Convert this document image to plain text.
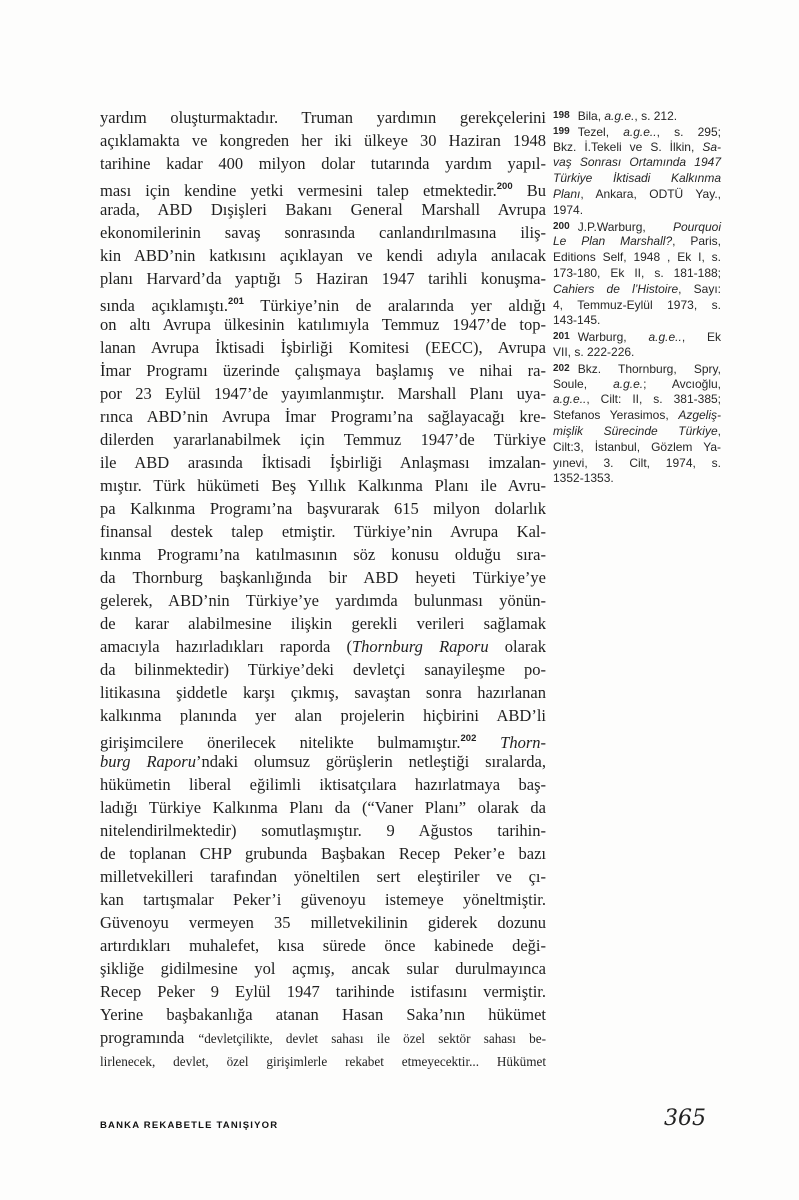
yardım oluşturmaktadır. Truman yardımın gerekçelerini
açıklamakta ve kongreden her iki ülkeye 30 Haziran 1948
tarihine kadar 400 milyon dolar tutarında yardım yapıl-
ması için kendine yetki vermesini talep etmektedir.$^{200}$ Bu
arada, ABD Dışişleri Bakanı General Marshall Avrupa
ekonomilerinin savaş sonrasında canlandırılmasına iliş-
kin ABD’nin katkısını açıklayan ve kendi adıyla anılacak
planı Harvard’da yaptığı 5 Haziran 1947 tarihli konuşma-
sında açıklamıştı.$^{201}$ Türkiye’nin de aralarında yer aldığı
on altı Avrupa ülkesinin katılımıyla Temmuz 1947’de top-
lanan Avrupa İktisadi İşbirliği Komitesi (EECC), Avrupa
İmar Programı üzerinde çalışmaya başlamış ve nihai ra-
por 23 Eylül 1947’de yayımlanmıştır. Marshall Planı uya-
rınca ABD’nin Avrupa İmar Programı’na sağlayacağı kre-
dilerden yararlanabilmek için Temmuz 1947’de Türkiye
ile ABD arasında İktisadi İşbirliği Anlaşması imzalan-
mıştır. Türk hükümeti Beş Yıllık Kalkınma Planı ile Avru-
pa Kalkınma Programı’na başvurarak 615 milyon dolarlık
finansal destek talep etmiştir. Türkiye’nin Avrupa Kal-
kınma Programı’na katılmasının söz konusu olduğu sıra-
da Thornburg başkanlığında bir ABD heyeti Türkiye’ye
gelerek, ABD’nin Türkiye’ye yardımda bulunması yönün-
de karar alabilmesine ilişkin gerekli verileri sağlamak
amacıyla hazırladıkları raporda (Thornburg Raporu olarak
da bilinmektedir) Türkiye’deki devletçi sanayileşme po-
litikasına şiddetle karşı çıkmış, savaştan sonra hazırlanan
kalkınma planında yer alan projelerin hiçbirini ABD’li
girişimcilere önerilecek nitelikte bulmamıştır.$^{202}$ Thorn-
burg Raporu’ndaki olumsuz görüşlerin netleştiği sıralarda,
hükümetin liberal eğilimli iktisatçılara hazırlatmaya baş-
ladığı Türkiye Kalkınma Planı da (“Vaner Planı” olarak da
nitelendirilmektedir) somutlaşmıştır. 9 Ağustos tarihin-
de toplanan CHP grubunda Başbakan Recep Peker’e bazı
milletvekilleri tarafından yöneltilen sert eleştiriler ve çı-
kan tartışmalar Peker’i güvenoyu istemeye yöneltmiştir.
Güvenoyu vermeyen 35 milletvekilinin giderek dozunu
artırdıkları muhalefet, kısa sürede önce kabinede deği-
şikliğe gidilmesine yol açmış, ancak sular durulmayınca
Recep Peker 9 Eylül 1947 tarihinde istifasını vermiştir.
Yerine başbakanlığa atanan Hasan Saka’nın hükümet
programında “devletçilikte, devlet sahası ile özel sektör sahası be-
lirlenecek, devlet, özel girişimlerle rekabet etmeyecektir... Hükümet
198 Bila, a.g.e., s. 212.
199 Tezel, a.g.e.., s. 295;
Bkz. İ.Tekeli ve S. İlkin, Sa-
vaş Sonrası Ortamında 1947
Türkiye İktisadi Kalkınma
Planı, Ankara, ODTÜ Yay.,
1974.
200 J.P.Warburg, Pourquoi
Le Plan Marshall?, Paris,
Editions Self, 1948 , Ek I, s.
173-180, Ek II, s. 181-188;
Cahiers de l’Histoire, Sayı:
4, Temmuz-Eylül 1973, s.
143-145.
201 Warburg, a.g.e.., Ek
VII, s. 222-226.
202 Bkz. Thornburg, Spry,
Soule, a.g.e.; Avcıoğlu,
a.g.e.., Cilt: II, s. 381-385;
Stefanos Yerasimos, Azgeliş-
mişlik Sürecinde Türkiye,
Cilt:3, İstanbul, Gözlem Ya-
yınevi, 3. Cilt, 1974, s.
1352-1353.
BANKA REKABETLE TANIŞIYOR	365
